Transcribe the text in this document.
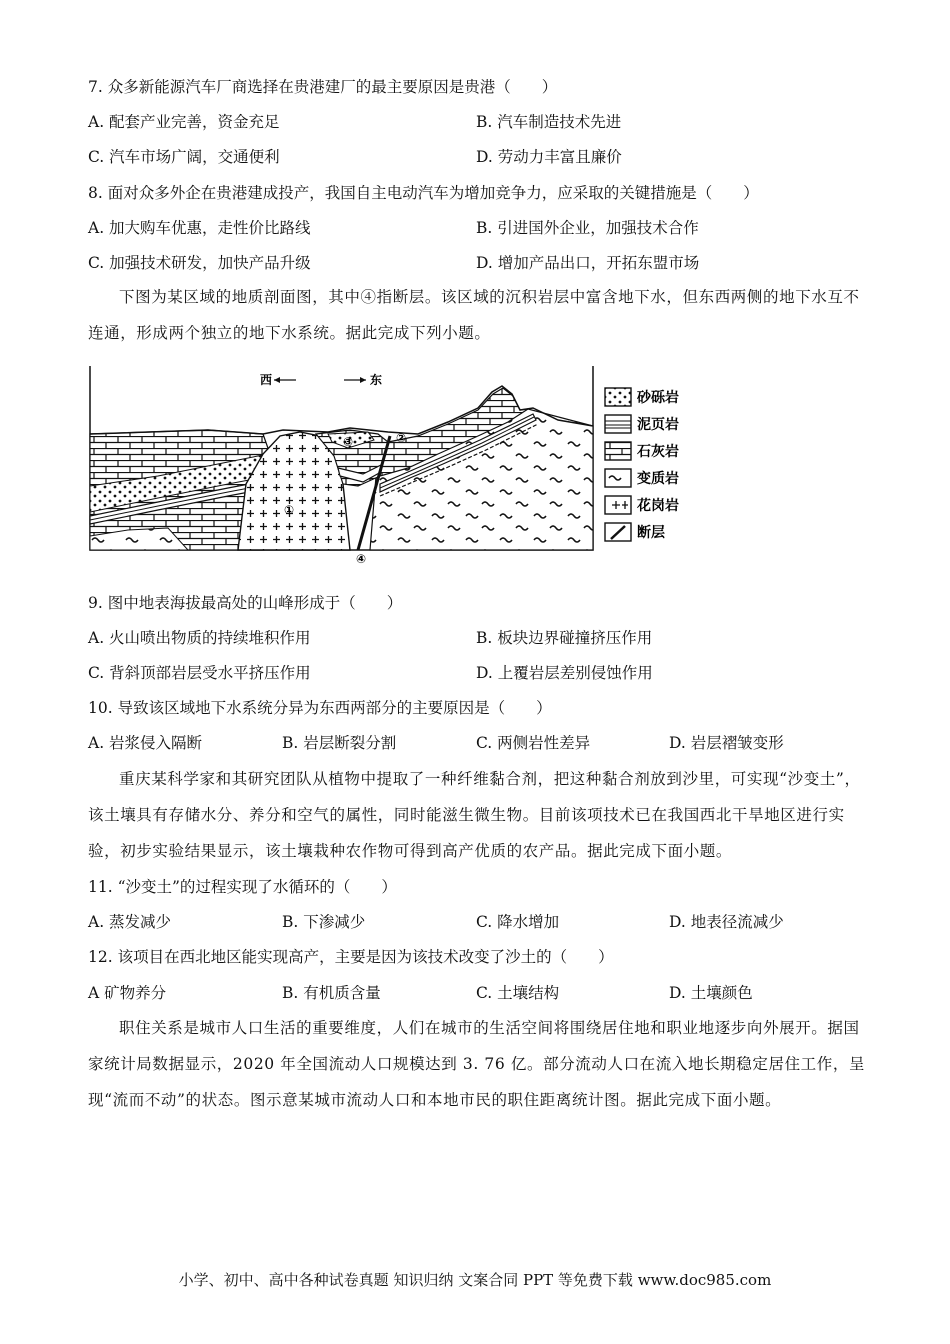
7. 众多新能源汽车厂商选择在贵港建厂的最主要原因是贵港（　　）
A. 配套产业完善，资金充足	B. 汽车制造技术先进
C. 汽车市场广阔，交通便利	D. 劳动力丰富且廉价
8. 面对众多外企在贵港建成投产，我国自主电动汽车为增加竞争力，应采取的关键措施是（　　）
A. 加大购车优惠，走性价比路线	B. 引进国外企业，加强技术合作
C. 加强技术研发，加快产品升级	D. 增加产品出口，开拓东盟市场
下图为某区域的地质剖面图，其中④指断层。该区域的沉积岩层中富含地下水，但东西两侧的地下水互不连通，形成两个独立的地下水系统。据此完成下列小题。
西	东
①
②
③
④
砂砾岩
泥页岩
石灰岩
变质岩
花岗岩
断层
9. 图中地表海拔最高处的山峰形成于（　　）
A. 火山喷出物质的持续堆积作用	B. 板块边界碰撞挤压作用
C. 背斜顶部岩层受水平挤压作用	D. 上覆岩层差别侵蚀作用
10. 导致该区域地下水系统分异为东西两部分的主要原因是（　　）
A. 岩浆侵入隔断	B. 岩层断裂分割	C. 两侧岩性差异	D. 岩层褶皱变形
重庆某科学家和其研究团队从植物中提取了一种纤维黏合剂，把这种黏合剂放到沙里，可实现“沙变土”，该土壤具有存储水分、养分和空气的属性，同时能滋生微生物。目前该项技术已在我国西北干旱地区进行实验，初步实验结果显示，该土壤栽种农作物可得到高产优质的农产品。据此完成下面小题。
11. “沙变土”的过程实现了水循环的（　　）
A. 蒸发减少	B. 下渗减少	C. 降水增加	D. 地表径流减少
12. 该项目在西北地区能实现高产，主要是因为该技术改变了沙土的（　　）
A 矿物养分	B. 有机质含量	C. 土壤结构	D. 土壤颜色
职住关系是城市人口生活的重要维度，人们在城市的生活空间将围绕居住地和职业地逐步向外展开。据国家统计局数据显示，2020 年全国流动人口规模达到 3. 76 亿。部分流动人口在流入地长期稳定居住工作，呈现“流而不动”的状态。图示意某城市流动人口和本地市民的职住距离统计图。据此完成下面小题。
小学、初中、高中各种试卷真题 知识归纳 文案合同 PPT 等免费下载 www.doc985.com
